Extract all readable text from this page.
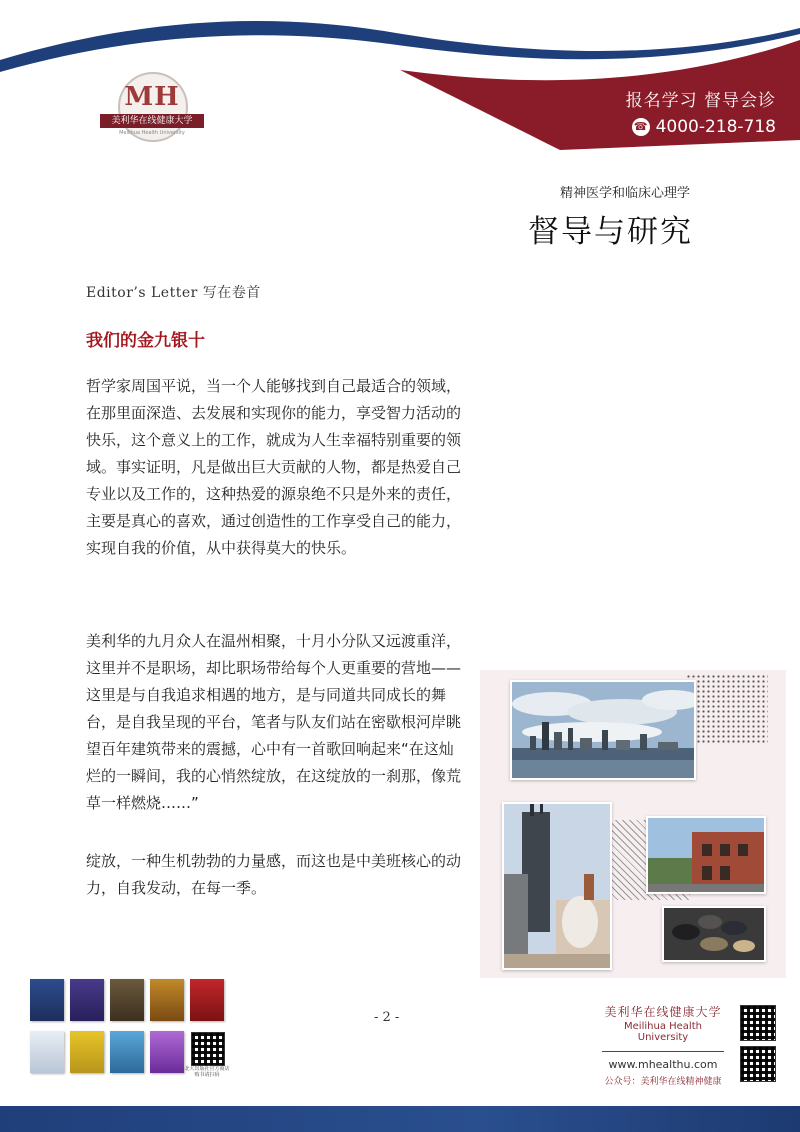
MH
美利华在线健康大学
Meilihua Health University
报名学习 督导会诊
☎ 4000-218-718
精神医学和临床心理学
督导与研究
Editor’s Letter 写在卷首
我们的金九银十

哲学家周国平说，当一个人能够找到自己最适合的领域，在那里面深造、去发展和实现你的能力，享受智力活动的快乐，这个意义上的工作，就成为人生幸福特别重要的领域。事实证明，凡是做出巨大贡献的人物，都是热爱自己专业以及工作的，这种热爱的源泉绝不只是外来的责任，主要是真心的喜欢，通过创造性的工作享受自己的能力，实现自我的价值，从中获得莫大的快乐。

美利华的九月众人在温州相聚，十月小分队又远渡重洋，这里并不是职场，却比职场带给每个人更重要的营地——这里是与自我追求相遇的地方，是与同道共同成长的舞台，是自我呈现的平台，笔者与队友们站在密歇根河岸眺望百年建筑带来的震撼，心中有一首歌回响起来“在这灿烂的一瞬间，我的心悄然绽放，在这绽放的一刹那，像荒草一样燃烧……”

绽放，一种生机勃勃的力量感，而这也是中美班核心的动力，自我发动，在每一季。

- 2 -
北大出版社官方商店 购书请扫码
美利华在线健康大学
Meilihua Health University
www.mhealthu.com
公众号：美利华在线精神健康
